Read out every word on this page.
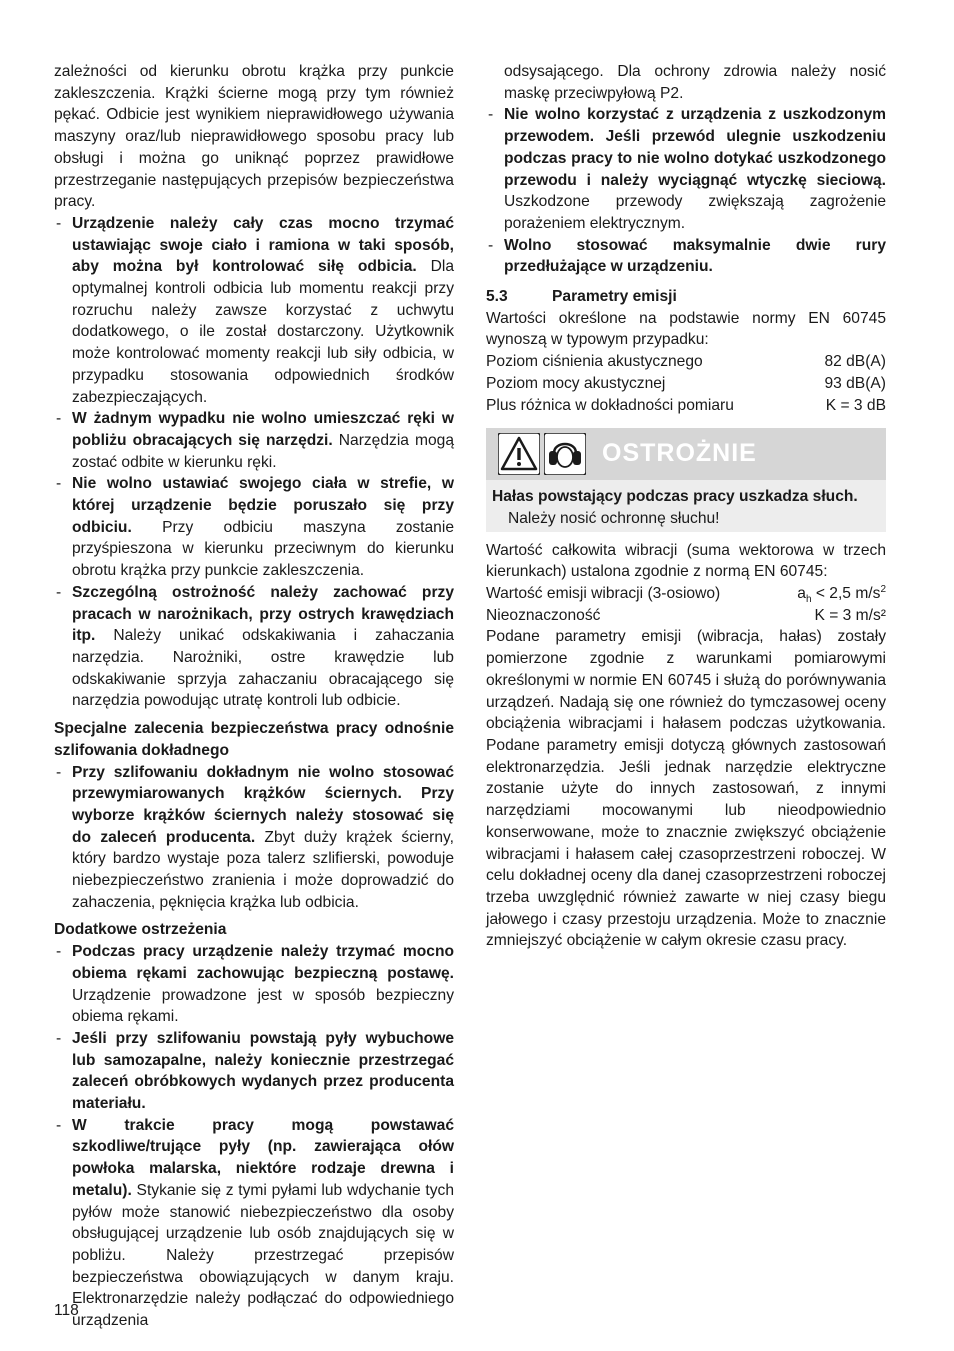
zależności od kierunku obrotu krążka przy punkcie zakleszczenia. Krążki ścierne mogą przy tym również pękać. Odbicie jest wynikiem nieprawidłowego używania maszyny oraz/lub nieprawidłowego sposobu pracy lub obsługi i można go uniknąć poprzez prawidłowe przestrzeganie następujących przepisów bezpieczeństwa pracy.

- Urządzenie należy cały czas mocno trzymać ustawiając swoje ciało i ramiona w taki sposób, aby można był kontrolować siłę odbicia. Dla optymalnej kontroli odbicia lub momentu reakcji przy rozruchu należy zawsze korzystać z uchwytu dodatkowego, o ile został dostarczony. Użytkownik może kontrolować momenty reakcji lub siły odbicia, w przypadku stosowania odpowiednich środków zabezpieczających.
- W żadnym wypadku nie wolno umieszczać ręki w pobliżu obracających się narzędzi. Narzędzia mogą zostać odbite w kierunku ręki.
- Nie wolno ustawiać swojego ciała w strefie, w której urządzenie będzie poruszało się przy odbiciu. Przy odbiciu maszyna zostanie przyśpieszona w kierunku przeciwnym do kierunku obrotu krążka przy punkcie zakleszczenia.
- Szczególną ostrożność należy zachować przy pracach w narożnikach, przy ostrych krawędziach itp. Należy unikać odskakiwania i zahaczania narzędzia. Narożniki, ostre krawędzie lub odskakiwanie sprzyja zahaczaniu obracającego się narzędzia powodując utratę kontroli lub odbicie.

Specjalne zalecenia bezpieczeństwa pracy odnośnie szlifowania dokładnego

- Przy szlifowaniu dokładnym nie wolno stosować przewymiarowanych krążków ściernych. Przy wyborze krążków ściernych należy stosować się do zaleceń producenta. Zbyt duży krążek ścierny, który bardzo wystaje poza talerz szlifierski, powoduje niebezpieczeństwo zranienia i może doprowadzić do zahaczenia, pęknięcia krążka lub odbicia.

Dodatkowe ostrzeżenia

- Podczas pracy urządzenie należy trzymać mocno obiema rękami zachowując bezpieczną postawę. Urządzenie prowadzone jest w sposób bezpieczny obiema rękami.
- Jeśli przy szlifowaniu powstają pyły wybuchowe lub samozapalne, należy koniecznie przestrzegać zaleceń obróbkowych wydanych przez producenta materiału.
- W trakcie pracy mogą powstawać szkodliwe/trujące pyły (np. zawierająca ołów powłoka malarska, niektóre rodzaje drewna i metalu). Stykanie się z tymi pyłami lub wdychanie tych pyłów może stanowić niebezpieczeństwo dla osoby obsługującej urządzenie lub osób znajdujących się w pobliżu. Należy przestrzegać przepisów bezpieczeństwa obowiązujących w danym kraju. Elektronarzędzie należy podłączać do odpowiedniego urządzenia

odsysającego. Dla ochrony zdrowia należy nosić maskę przeciwpyłową P2.

- Nie wolno korzystać z urządzenia z uszkodzonym przewodem. Jeśli przewód ulegnie uszkodzeniu podczas pracy to nie wolno dotykać uszkodzonego przewodu i należy wyciągnąć wtyczkę sieciową. Uszkodzone przewody zwiększają zagrożenie porażeniem elektrycznym.
- Wolno stosować maksymalnie dwie rury przedłużające w urządzeniu.
5.3	Parametry emisji

Wartości określone na podstawie normy EN 60745 wynoszą w typowym przypadku:

Poziom ciśnienia akustycznego	82 dB(A)
Poziom mocy akustycznej	93 dB(A)
Plus różnica w dokładności pomiaru	K = 3 dB
OSTROŻNIE
Hałas powstający podczas pracy uszkadza słuch.
Należy nosić ochronnę słuchu!

Wartość całkowita wibracji (suma wektorowa w trzech kierunkach) ustalona zgodnie z normą EN 60745:

Wartość emisji wibracji (3-osiowo)	$a_h < 2,5$ $m/s^2$
Nieoznaczoność	K = 3 m/s²

Podane parametry emisji (wibracja, hałas) zostały pomierzone zgodnie z warunkami pomiarowymi określonymi w normie EN 60745 i służą do porównywania urządzeń. Nadają się one również do tymczasowej oceny obciążenia wibracjami i hałasem podczas użytkowania. Podane parametry emisji dotyczą głównych zastosowań elektronarzędzia. Jeśli jednak narzędzie elektryczne zostanie użyte do innych zastosowań, z innymi narzędziami mocowanymi lub nieodpowiednio konserwowane, może to znacznie zwiększyć obciążenie wibracjami i hałasem całej czasoprzestrzeni roboczej. W celu dokładnej oceny dla danej czasoprzestrzeni roboczej trzeba uwzględnić również zawarte w niej czasy biegu jałowego i czasy przestoju urządzenia. Może to znacznie zmniejszyć obciążenie w całym okresie czasu pracy.

118
